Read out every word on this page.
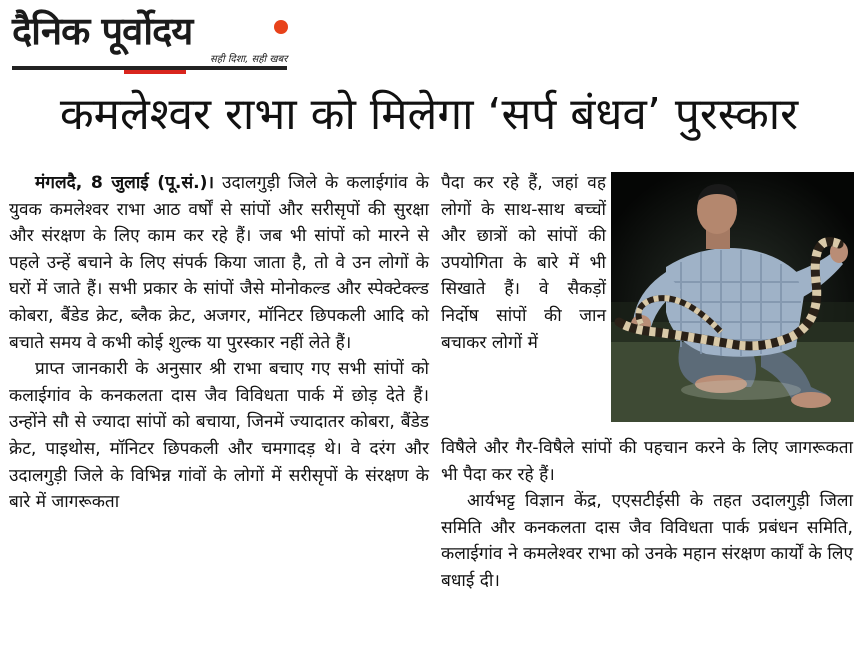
दैनिक पूर्वोदय
सही दिशा, सही खबर
कमलेश्वर राभा को मिलेगा ‘सर्प बंधव’ पुरस्कार

मंगलदै, 8 जुलाई (पू.सं.)। उदालगुड़ी जिले के कलाईगांव के युवक कमलेश्वर राभा आठ वर्षों से सांपों और सरीसृपों की सुरक्षा और संरक्षण के लिए काम कर रहे हैं। जब भी सांपों को मारने से पहले उन्हें बचाने के लिए संपर्क किया जाता है, तो वे उन लोगों के घरों में जाते हैं। सभी प्रकार के सांपों जैसे मोनोकल्ड और स्पेक्टेक्ल्ड कोबरा, बैंडेड क्रेट, ब्लैक क्रेट, अजगर, मॉनिटर छिपकली आदि को बचाते समय वे कभी कोई शुल्क या पुरस्कार नहीं लेते हैं।

प्राप्त जानकारी के अनुसार श्री राभा बचाए गए सभी सांपों को कलाईगांव के कनकलता दास जैव विविधता पार्क में छोड़ देते हैं। उन्होंने सौ से ज्यादा सांपों को बचाया, जिनमें ज्यादातर कोबरा, बैंडेड क्रेट, पाइथोस, मॉनिटर छिपकली और चमगादड़ थे। वे दरंग और उदालगुड़ी जिले के विभिन्न गांवों के लोगों में सरीसृपों के संरक्षण के बारे में जागरूकता

पैदा कर रहे हैं, जहां वह लोगों के साथ-साथ बच्चों और छात्रों को सांपों की उपयोगिता के बारे में भी सिखाते हैं। वे सैकड़ों निर्दोष सांपों की जान बचाकर लोगों में

विषैले और गैर-विषैले सांपों की पहचान करने के लिए जागरूकता भी पैदा कर रहे हैं।

आर्यभट्ट विज्ञान केंद्र, एएसटीईसी के तहत उदालगुड़ी जिला समिति और कनकलता दास जैव विविधता पार्क प्रबंधन समिति, कलाईगांव ने कमलेश्वर राभा को उनके महान संरक्षण कार्यों के लिए बधाई दी।
